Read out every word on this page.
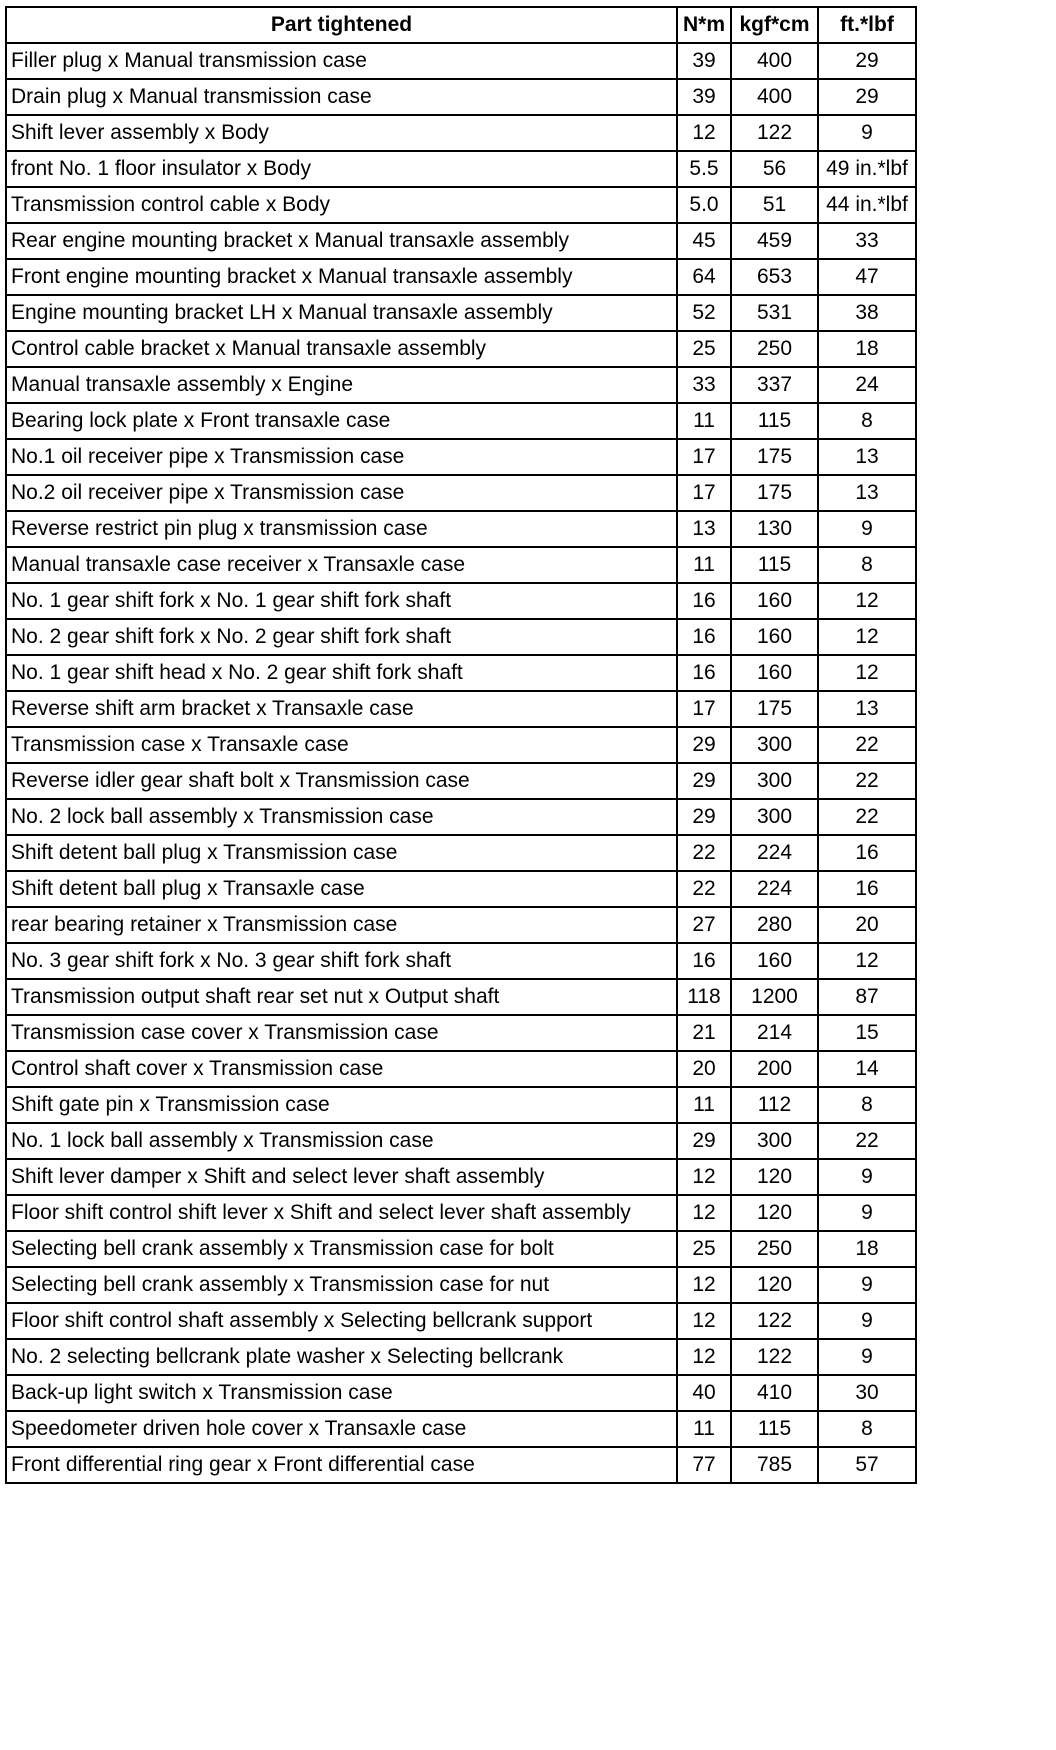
Part tightened	N*m	kgf*cm	ft.*lbf
Filler plug x Manual transmission case	39	400	29
Drain plug x Manual transmission case	39	400	29
Shift lever assembly x Body	12	122	9
front No. 1 floor insulator x Body	5.5	56	49 in.*lbf
Transmission control cable x Body	5.0	51	44 in.*lbf
Rear engine mounting bracket x Manual transaxle assembly	45	459	33
Front engine mounting bracket x Manual transaxle assembly	64	653	47
Engine mounting bracket LH x Manual transaxle assembly	52	531	38
Control cable bracket x Manual transaxle assembly	25	250	18
Manual transaxle assembly x Engine	33	337	24
Bearing lock plate x Front transaxle case	11	115	8
No.1 oil receiver pipe x Transmission case	17	175	13
No.2 oil receiver pipe x Transmission case	17	175	13
Reverse restrict pin plug x transmission case	13	130	9
Manual transaxle case receiver x Transaxle case	11	115	8
No. 1 gear shift fork x No. 1 gear shift fork shaft	16	160	12
No. 2 gear shift fork x No. 2 gear shift fork shaft	16	160	12
No. 1 gear shift head x No. 2 gear shift fork shaft	16	160	12
Reverse shift arm bracket x Transaxle case	17	175	13
Transmission case x Transaxle case	29	300	22
Reverse idler gear shaft bolt x Transmission case	29	300	22
No. 2 lock ball assembly x Transmission case	29	300	22
Shift detent ball plug x Transmission case	22	224	16
Shift detent ball plug x Transaxle case	22	224	16
rear bearing retainer x Transmission case	27	280	20
No. 3 gear shift fork x No. 3 gear shift fork shaft	16	160	12
Transmission output shaft rear set nut x Output shaft	118	1200	87
Transmission case cover x Transmission case	21	214	15
Control shaft cover x Transmission case	20	200	14
Shift gate pin x Transmission case	11	112	8
No. 1 lock ball assembly x Transmission case	29	300	22
Shift lever damper x Shift and select lever shaft assembly	12	120	9
Floor shift control shift lever x Shift and select lever shaft assembly	12	120	9
Selecting bell crank assembly x Transmission case for bolt	25	250	18
Selecting bell crank assembly x Transmission case for nut	12	120	9
Floor shift control shaft assembly x Selecting bellcrank support	12	122	9
No. 2 selecting bellcrank plate washer x Selecting bellcrank	12	122	9
Back-up light switch x Transmission case	40	410	30
Speedometer driven hole cover x Transaxle case	11	115	8
Front differential ring gear x Front differential case	77	785	57
